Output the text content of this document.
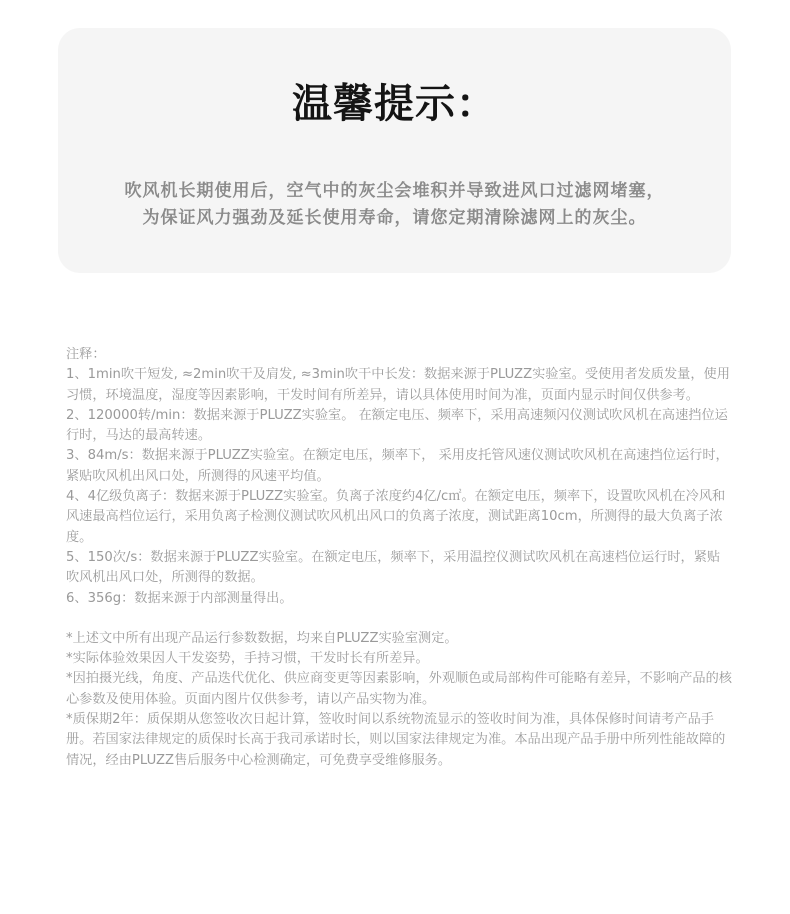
温馨提示：
吹风机长期使用后，空气中的灰尘会堆积并导致进风口过滤网堵塞，
为保证风力强劲及延长使用寿命，请您定期清除滤网上的灰尘。

注释：

1、1min吹干短发, ≈2min吹干及肩发, ≈3min吹干中长发：数据来源于PLUZZ实验室。受使用者发质发量，使用习惯，环境温度，湿度等因素影响，干发时间有所差异，请以具体使用时间为准，页面内显示时间仅供参考。

2、120000转/min：数据来源于PLUZZ实验室。 在额定电压、频率下，采用高速频闪仪测试吹风机在高速挡位运行时，马达的最高转速。

3、84m/s：数据来源于PLUZZ实验室。在额定电压，频率下， 采用皮托管风速仪测试吹风机在高速挡位运行时，紧贴吹风机出风口处，所测得的风速平均值。

4、4亿级负离子：数据来源于PLUZZ实验室。负离子浓度约4亿/c㎡。在额定电压，频率下，设置吹风机在冷风和风速最高档位运行，采用负离子检测仪测试吹风机出风口的负离子浓度，测试距离10cm，所测得的最大负离子浓度。

5、150次/s：数据来源于PLUZZ实验室。在额定电压，频率下，采用温控仪测试吹风机在高速档位运行时，紧贴吹风机出风口处，所测得的数据。

6、356g：数据来源于内部测量得出。

*上述文中所有出现产品运行参数数据，均来自PLUZZ实验室测定。

*实际体验效果因人干发姿势，手持习惯，干发时长有所差异。

*因拍摄光线，角度、产品迭代优化、供应商变更等因素影响，外观顺色或局部构件可能略有差异，不影响产品的核心参数及使用体验。页面内图片仅供参考，请以产品实物为准。

*质保期2年：质保期从您签收次日起计算，签收时间以系统物流显示的签收时间为准，具体保修时间请考产品手册。若国家法律规定的质保时长高于我司承诺时长，则以国家法律规定为准。本品出现产品手册中所列性能故障的情况，经由PLUZZ售后服务中心检测确定，可免费享受维修服务。
